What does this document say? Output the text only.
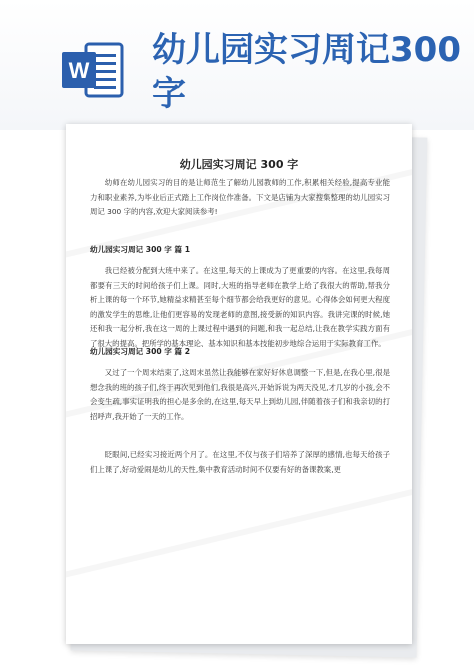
W
幼儿园实习周记300字
幼儿园实习周记 300 字

幼师在幼儿园实习的目的是让师范生了解幼儿园教师的工作,积累相关经验,提高专业能力和职业素养,为毕业后正式踏上工作岗位作准备。下文是店铺为大家搜集整理的幼儿园实习周记 300 字的内容,欢迎大家阅读参考!

幼儿园实习周记 300 字 篇 1

我已经被分配到大班中来了。在这里,每天的上课成为了更重要的内容。在这里,我每周都要有三天的时间给孩子们上课。同时,大班的指导老师在教学上给了我很大的帮助,帮我分析上课的每一个环节,她精益求精甚至每个细节都会给我更好的意见。心得体会如何更大程度的激发学生的思维,让他们更容易的发现老师的意图,接受新的知识内容。我讲完课的时候,她还和我一起分析,我在这一周的上课过程中遇到的问题,和我一起总结,让我在教学实践方面有了很大的提高。把所学的基本理论、基本知识和基本技能初步地综合运用于实际教育工作。

幼儿园实习周记 300 字 篇 2

又过了一个周末结束了,这周末虽然让我能够在家好好休息调整一下,但是,在我心里,很是想念我的班的孩子们,终于再次见到他们,我很是高兴,开始诉说为两天没见,才几岁的小孩,会不会变生疏,事实证明我的担心是多余的,在这里,每天早上到幼儿园,伴随着孩子们和我亲切的打招呼声,我开始了一天的工作。

眨眼间,已经实习接近两个月了。在这里,不仅与孩子们培养了深厚的感情,也每天给孩子们上课了,好动爱闹是幼儿的天性,集中教育活动时间不仅要有好的备课教案,更
